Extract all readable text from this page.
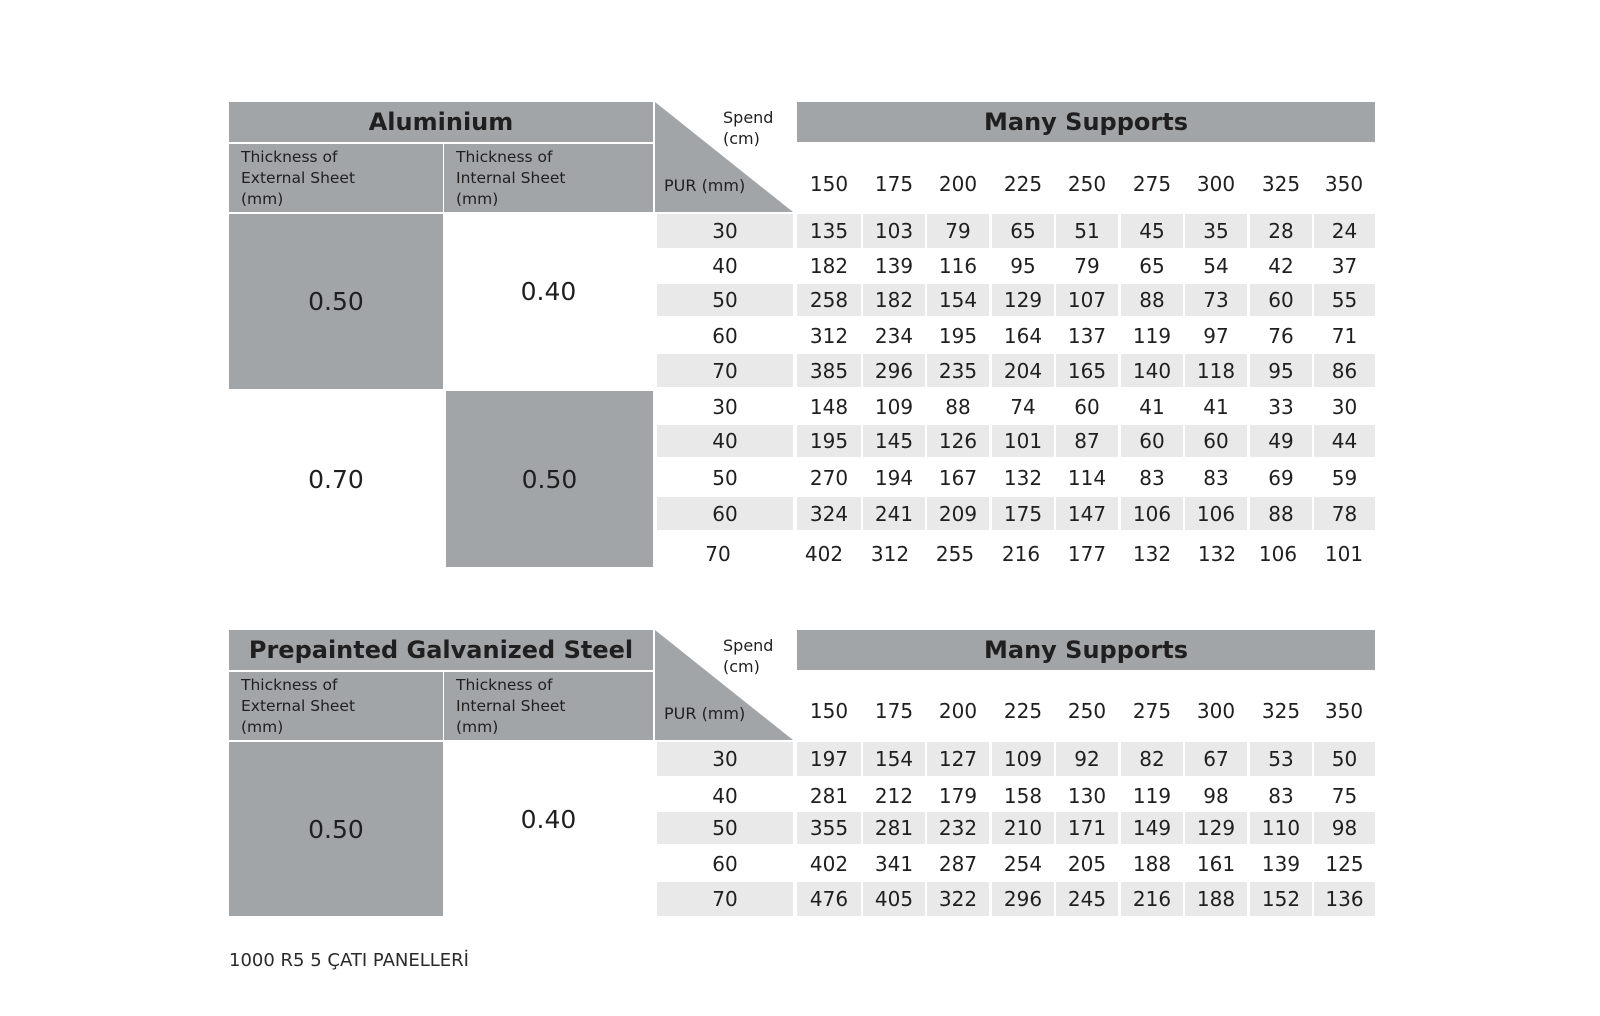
Aluminium
Thickness of
External Sheet
(mm)
Thickness of
Internal Sheet
(mm)
Spend
(cm)
PUR (mm)
Many Supports
150	175	200	225	250	275	300	325	350
0.50	0.40
0.70	0.50
30	135	103	79	65	51	45	35	28	24
40	182	139	116	95	79	65	54	42	37
50	258	182	154	129	107	88	73	60	55
60	312	234	195	164	137	119	97	76	71
70	385	296	235	204	165	140	118	95	86
30	148	109	88	74	60	41	41	33	30
40	195	145	126	101	87	60	60	49	44
50	270	194	167	132	114	83	83	69	59
60	324	241	209	175	147	106	106	88	78
70	402	312	255	216	177	132	132	106	101
Prepainted Galvanized Steel
Thickness of
External Sheet
(mm)
Thickness of
Internal Sheet
(mm)
Spend
(cm)
PUR (mm)
Many Supports
150	175	200	225	250	275	300	325	350
0.50	0.40
30	197	154	127	109	92	82	67	53	50
40	281	212	179	158	130	119	98	83	75
50	355	281	232	210	171	149	129	110	98
60	402	341	287	254	205	188	161	139	125
70	476	405	322	296	245	216	188	152	136
1000 R5 5 ÇATI PANELLERİ
